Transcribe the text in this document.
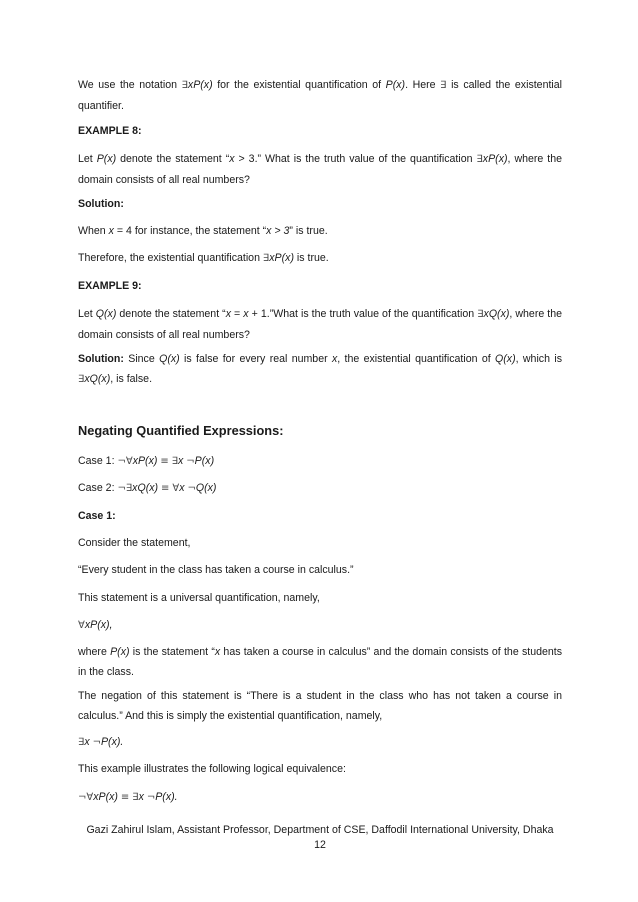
We use the notation ∃xP(x) for the existential quantification of P(x). Here ∃ is called the existential quantifier.

EXAMPLE 8:

Let P(x) denote the statement “x > 3.” What is the truth value of the quantification ∃xP(x), where the domain consists of all real numbers?

Solution:

When x = 4 for instance, the statement “x > 3” is true.

Therefore, the existential quantification ∃xP(x) is true.

EXAMPLE 9:

Let Q(x) denote the statement “x = x + 1.”What is the truth value of the quantification ∃xQ(x), where the domain consists of all real numbers?

Solution: Since Q(x) is false for every real number x, the existential quantification of Q(x), which is ∃xQ(x), is false.

Negating Quantified Expressions:

Case 1: ¬∀xP(x) ≡ ∃x ¬P(x)

Case 2: ¬∃xQ(x) ≡ ∀x ¬Q(x)

Case 1:

Consider the statement,

“Every student in the class has taken a course in calculus.”

This statement is a universal quantification, namely,

∀xP(x),

where P(x) is the statement “x has taken a course in calculus” and the domain consists of the students in the class.

The negation of this statement is “There is a student in the class who has not taken a course in calculus.” And this is simply the existential quantification, namely,

∃x ¬P(x).

This example illustrates the following logical equivalence:

¬∀xP(x) ≡ ∃x ¬P(x).

Gazi Zahirul Islam, Assistant Professor, Department of CSE, Daffodil International University, Dhaka
12
